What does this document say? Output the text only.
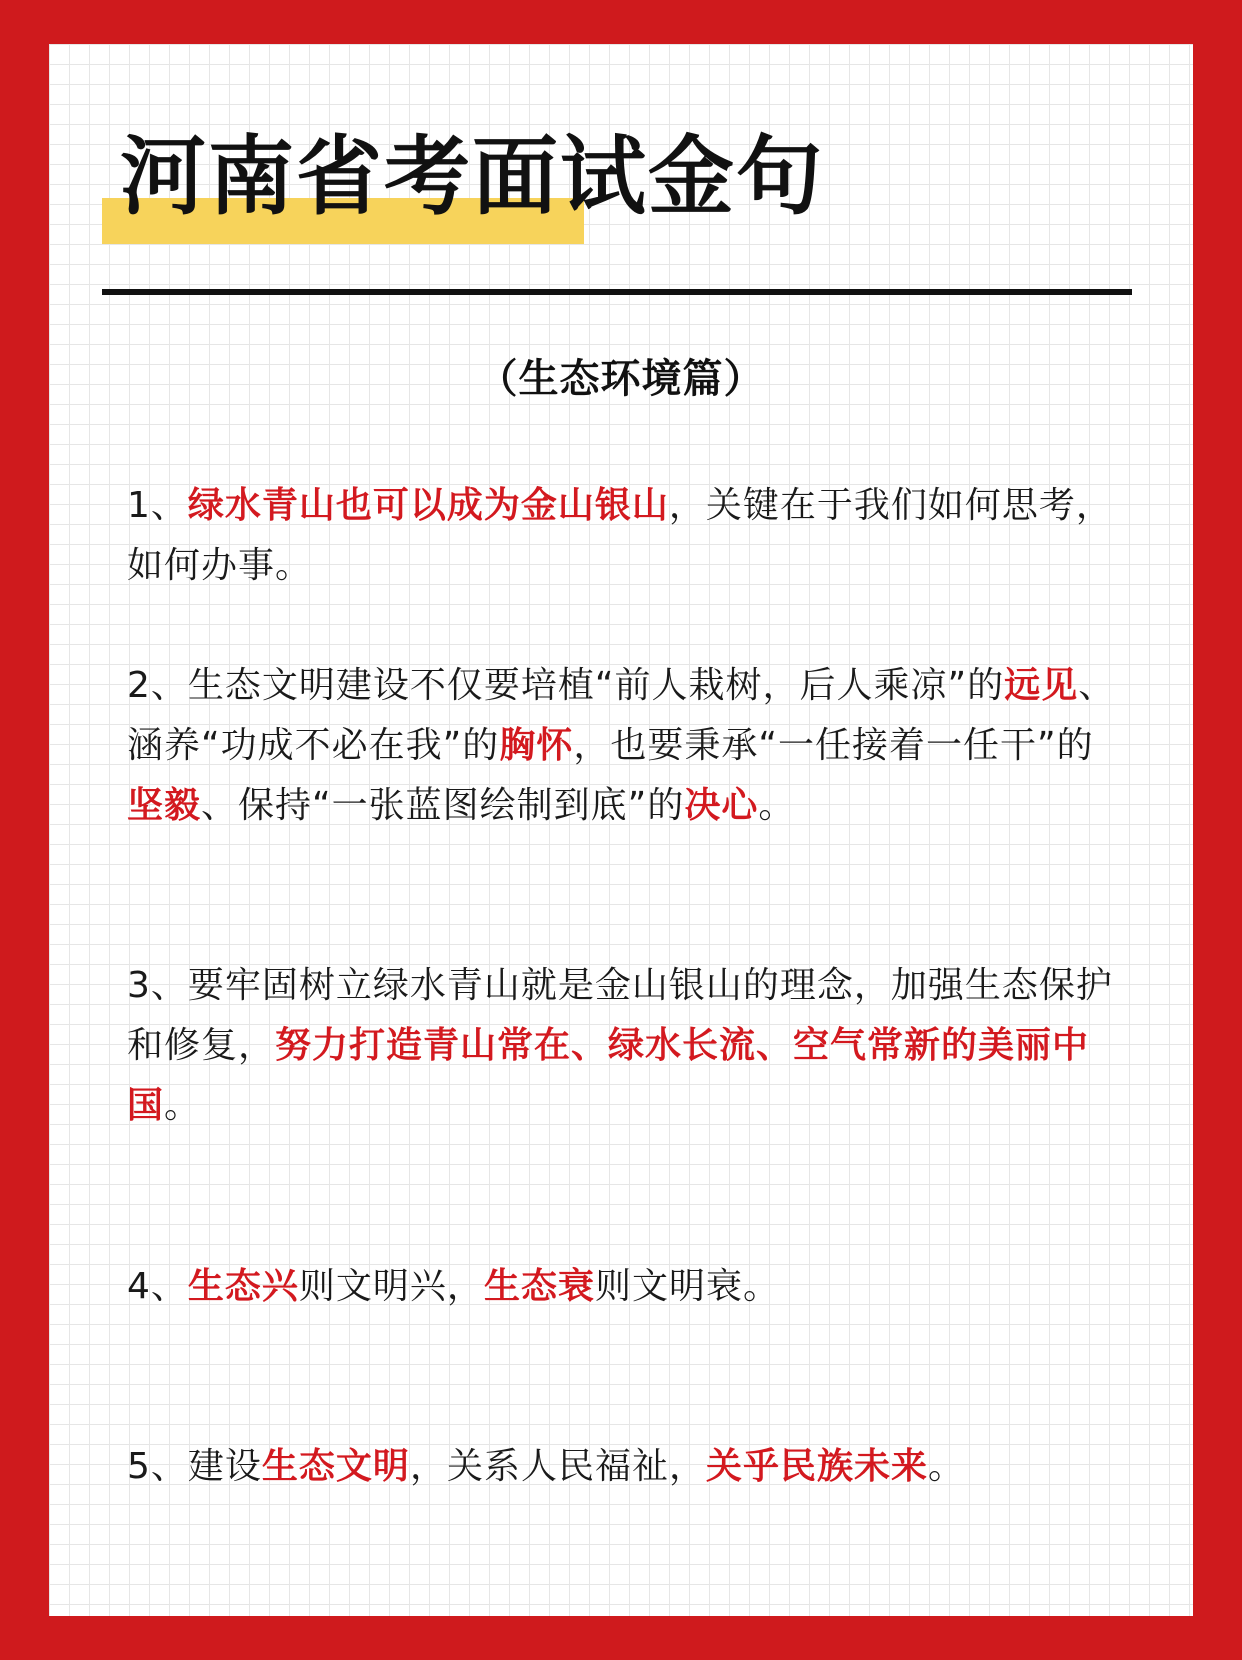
河南省考面试金句
（生态环境篇）

1、绿水青山也可以成为金山银山，关键在于我们如何思考，如何办事。

2、生态文明建设不仅要培植“前人栽树，后人乘凉”的远见、涵养“功成不必在我”的胸怀，也要秉承“一任接着一任干”的坚毅、保持“一张蓝图绘制到底”的决心。

3、要牢固树立绿水青山就是金山银山的理念，加强生态保护和修复，努力打造青山常在、绿水长流、空气常新的美丽中国。

4、生态兴则文明兴，生态衰则文明衰。

5、建设生态文明，关系人民福祉，关乎民族未来。
